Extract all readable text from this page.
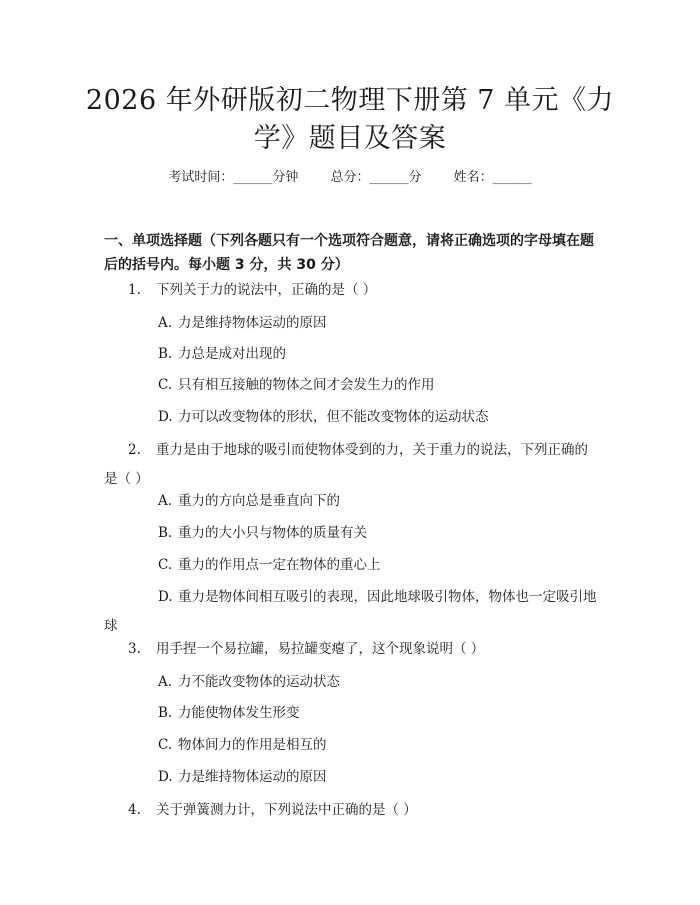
2026 年外研版初二物理下册第 7 单元《力
学》题目及答案
考试时间：______分钟 总分：______分 姓名：______
一、单项选择题（下列各题只有一个选项符合题意，请将正确选项的字母填在题后的括号内。每小题 3 分，共 30 分）
1. 下列关于力的说法中，正确的是（ ）
A. 力是维持物体运动的原因
B. 力总是成对出现的
C. 只有相互接触的物体之间才会发生力的作用
D. 力可以改变物体的形状，但不能改变物体的运动状态
2. 重力是由于地球的吸引而使物体受到的力，关于重力的说法，下列正确的是（ ）
A. 重力的方向总是垂直向下的
B. 重力的大小只与物体的质量有关
C. 重力的作用点一定在物体的重心上
D. 重力是物体间相互吸引的表现，因此地球吸引物体，物体也一定吸引地球
3. 用手捏一个易拉罐，易拉罐变瘪了，这个现象说明（ ）
A. 力不能改变物体的运动状态
B. 力能使物体发生形变
C. 物体间力的作用是相互的
D. 力是维持物体运动的原因
4. 关于弹簧测力计，下列说法中正确的是（ ）
